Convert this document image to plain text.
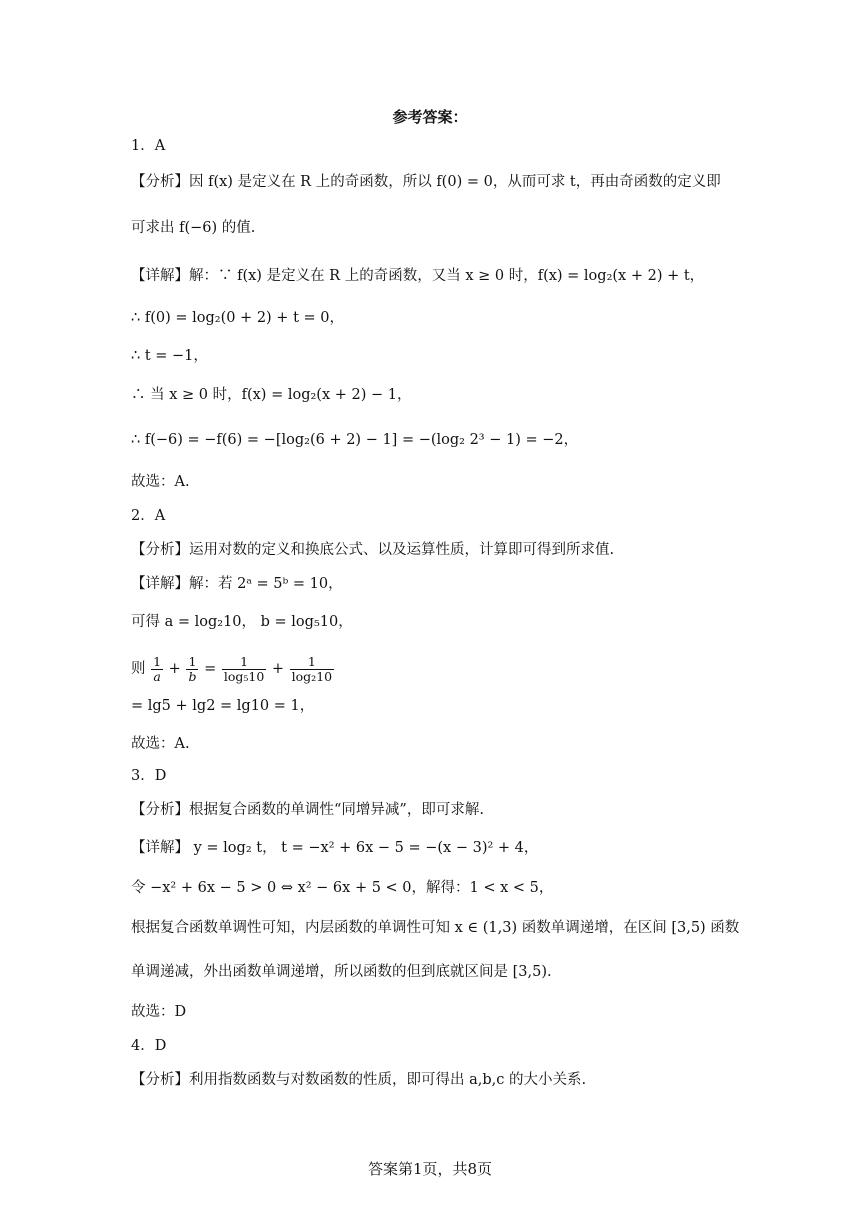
参考答案：
1．A
【分析】因 f(x) 是定义在 R 上的奇函数，所以 f(0) = 0，从而可求 t，再由奇函数的定义即
可求出 f(−6) 的值.
【详解】解：∵ f(x) 是定义在 R 上的奇函数，又当 x ≥ 0 时，f(x) = log₂(x + 2) + t，
∴ f(0) = log₂(0 + 2) + t = 0，
∴ t = −1，
∴ 当 x ≥ 0 时，f(x) = log₂(x + 2) − 1，
∴ f(−6) = −f(6) = −[log₂(6 + 2) − 1] = −(log₂ 2³ − 1) = −2，
故选：A.
2．A
【分析】运用对数的定义和换底公式、以及运算性质，计算即可得到所求值.
【详解】解：若 2ᵃ = 5ᵇ = 10，
可得 a = log₂10， b = log₅10，
则 $\frac{1}{a} + \frac{1}{b} = \frac{1}{\text{log₅10}} + \frac{1}{\text{log₂10}}$
= lg5 + lg2 = lg10 = 1，
故选：A.
3．D
【分析】根据复合函数的单调性“同增异减”，即可求解.
【详解】 y = log₂ t， t = −x² + 6x − 5 = −(x − 3)² + 4，
令 −x² + 6x − 5 > 0 ⇔ x² − 6x + 5 < 0，解得：1 < x < 5，
根据复合函数单调性可知，内层函数的单调性可知 x ∈ (1,3) 函数单调递增，在区间 [3,5) 函数
单调递减，外出函数单调递增，所以函数的但到底就区间是 [3,5).
故选：D
4．D
【分析】利用指数函数与对数函数的性质，即可得出 a,b,c 的大小关系.
答案第1页，共8页
